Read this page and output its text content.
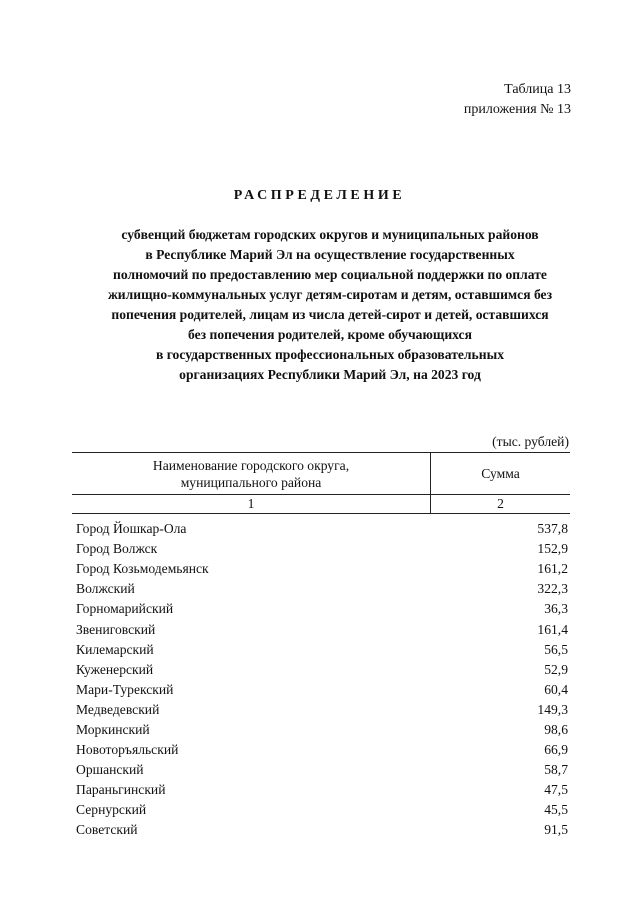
Таблица 13
приложения № 13
РАСПРЕДЕЛЕНИЕ
субвенций бюджетам городских округов и муниципальных районов
в Республике Марий Эл на осуществление государственных
полномочий по предоставлению мер социальной поддержки по оплате
жилищно-коммунальных услуг детям-сиротам и детям, оставшимся без
попечения родителей, лицам из числа детей-сирот и детей, оставшихся
без попечения родителей, кроме обучающихся
в государственных профессиональных образовательных
организациях Республики Марий Эл, на 2023 год
(тыс. рублей)
Наименование городского округа,
муниципального района
Сумма
1	2
Город Йошкар-Ола	537,8
Город Волжск	152,9
Город Козьмодемьянск	161,2
Волжский	322,3
Горномарийский	36,3
Звениговский	161,4
Килемарский	56,5
Куженерский	52,9
Мари-Турекский	60,4
Медведевский	149,3
Моркинский	98,6
Новоторъяльский	66,9
Оршанский	58,7
Параньгинский	47,5
Сернурский	45,5
Советский	91,5
